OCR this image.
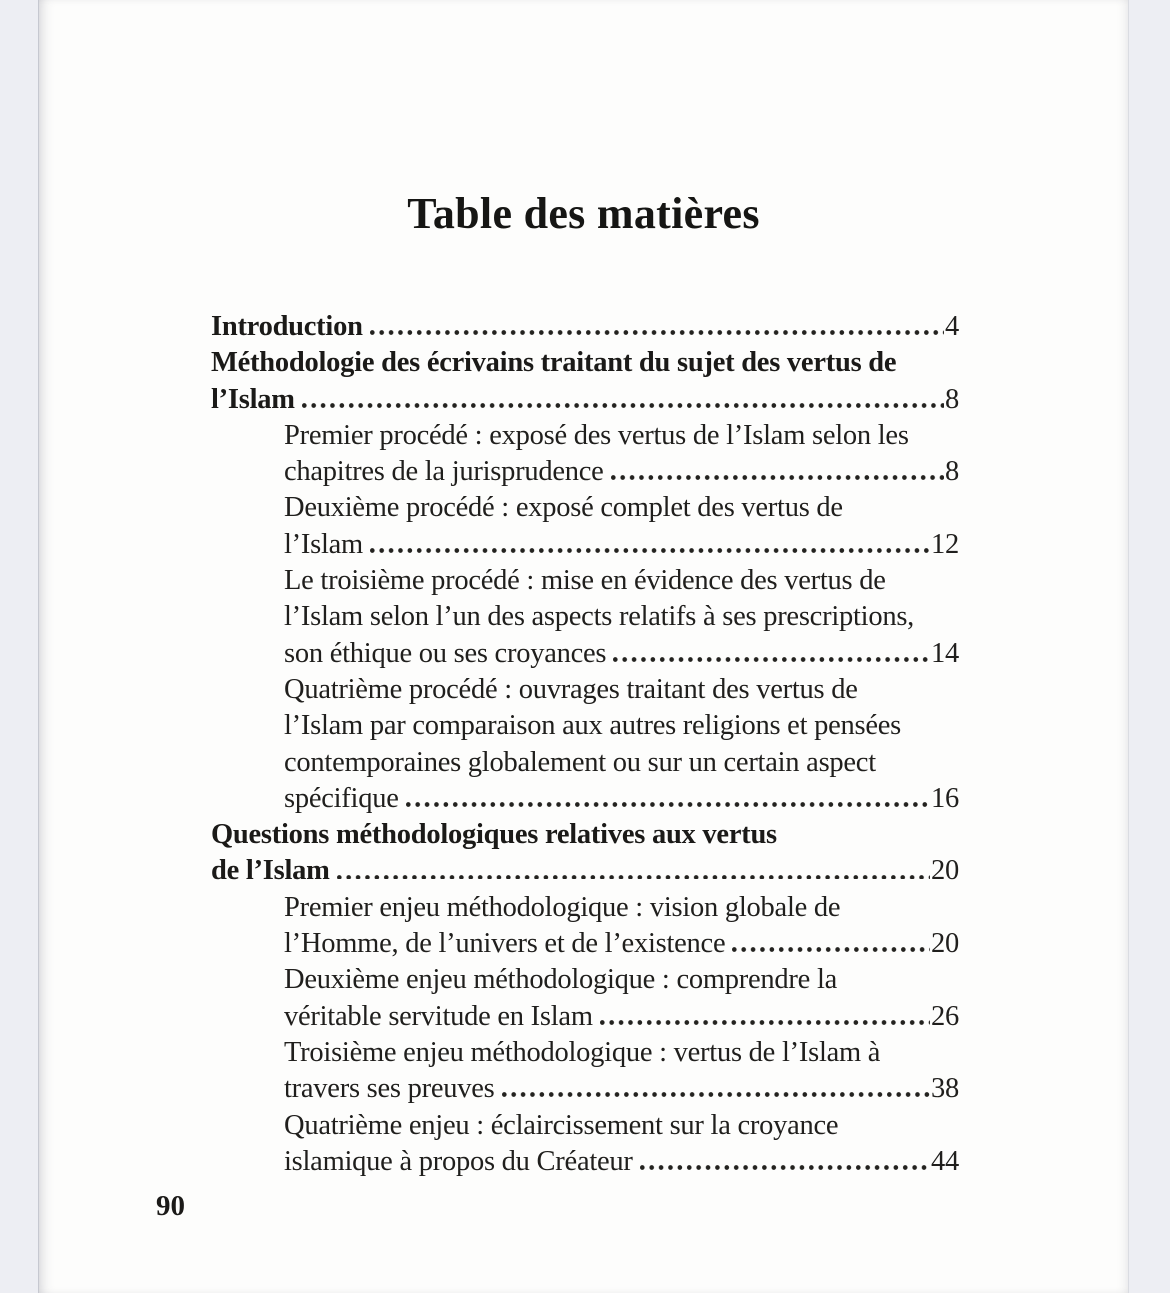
Table des matières
Introduction	4
Méthodologie des écrivains traitant du sujet des vertus de
l’Islam	8
Premier procédé : exposé des vertus de l’Islam selon les
chapitres de la jurisprudence	8
Deuxième procédé : exposé complet des vertus de
l’Islam	12
Le troisième procédé : mise en évidence des vertus de
l’Islam selon l’un des aspects relatifs à ses prescriptions,
son éthique ou ses croyances	14
Quatrième procédé : ouvrages traitant des vertus de
l’Islam par comparaison aux autres religions et pensées
contemporaines globalement ou sur un certain aspect
spécifique	16
Questions méthodologiques relatives aux vertus
de l’Islam	20
Premier enjeu méthodologique : vision globale de
l’Homme, de l’univers et de l’existence	20
Deuxième enjeu méthodologique : comprendre la
véritable servitude en Islam	26
Troisième enjeu méthodologique : vertus de l’Islam à
travers ses preuves	38
Quatrième enjeu : éclaircissement sur la croyance
islamique à propos du Créateur	44
90
